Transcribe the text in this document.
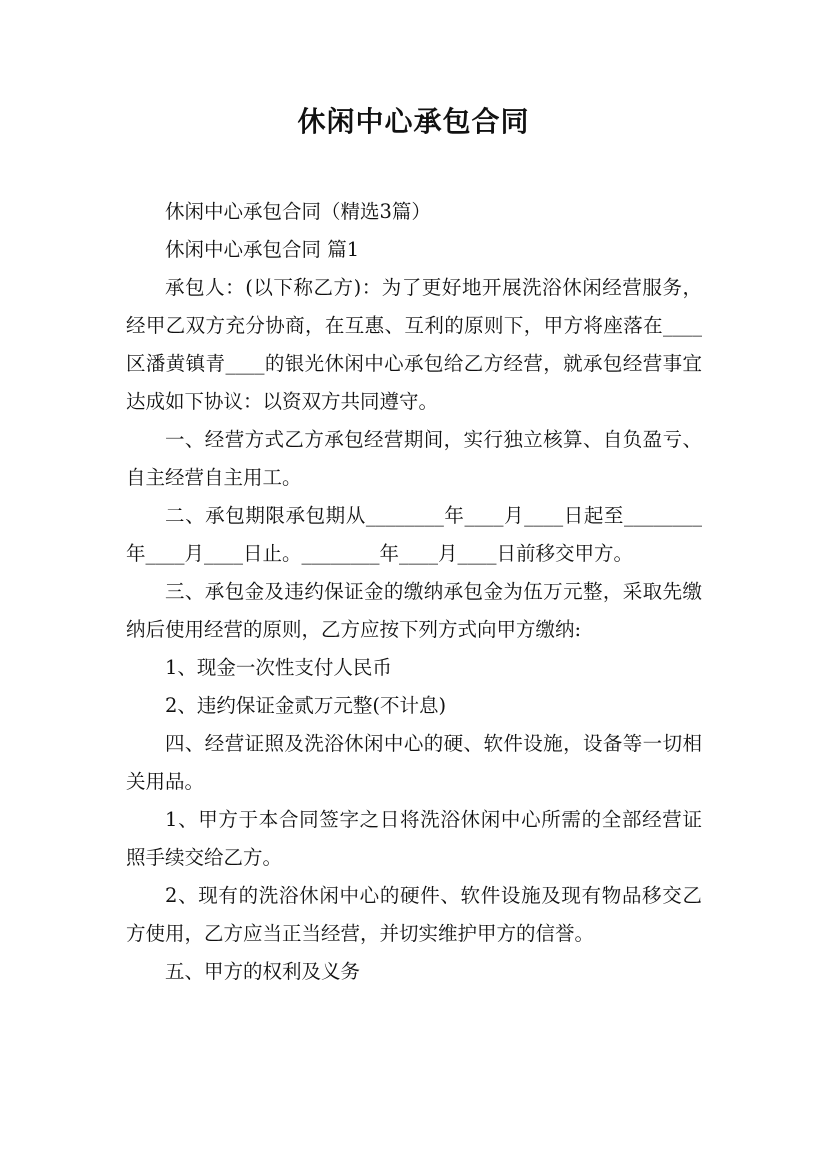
休闲中心承包合同

休闲中心承包合同（精选3篇）

休闲中心承包合同 篇1

承包人：(以下称乙方)：为了更好地开展洗浴休闲经营服务，经甲乙双方充分协商，在互惠、互利的原则下，甲方将座落在____区潘黄镇青____的银光休闲中心承包给乙方经营，就承包经营事宜达成如下协议：以资双方共同遵守。

一、经营方式乙方承包经营期间，实行独立核算、自负盈亏、自主经营自主用工。

二、承包期限承包期从________年____月____日起至________年____月____日止。________年____月____日前移交甲方。

三、承包金及违约保证金的缴纳承包金为伍万元整，采取先缴纳后使用经营的原则，乙方应按下列方式向甲方缴纳:

1、现金一次性支付人民币

2、违约保证金贰万元整(不计息)

四、经营证照及洗浴休闲中心的硬、软件设施，设备等一切相关用品。

1、甲方于本合同签字之日将洗浴休闲中心所需的全部经营证照手续交给乙方。

2、现有的洗浴休闲中心的硬件、软件设施及现有物品移交乙方使用，乙方应当正当经营，并切实维护甲方的信誉。

五、甲方的权利及义务
